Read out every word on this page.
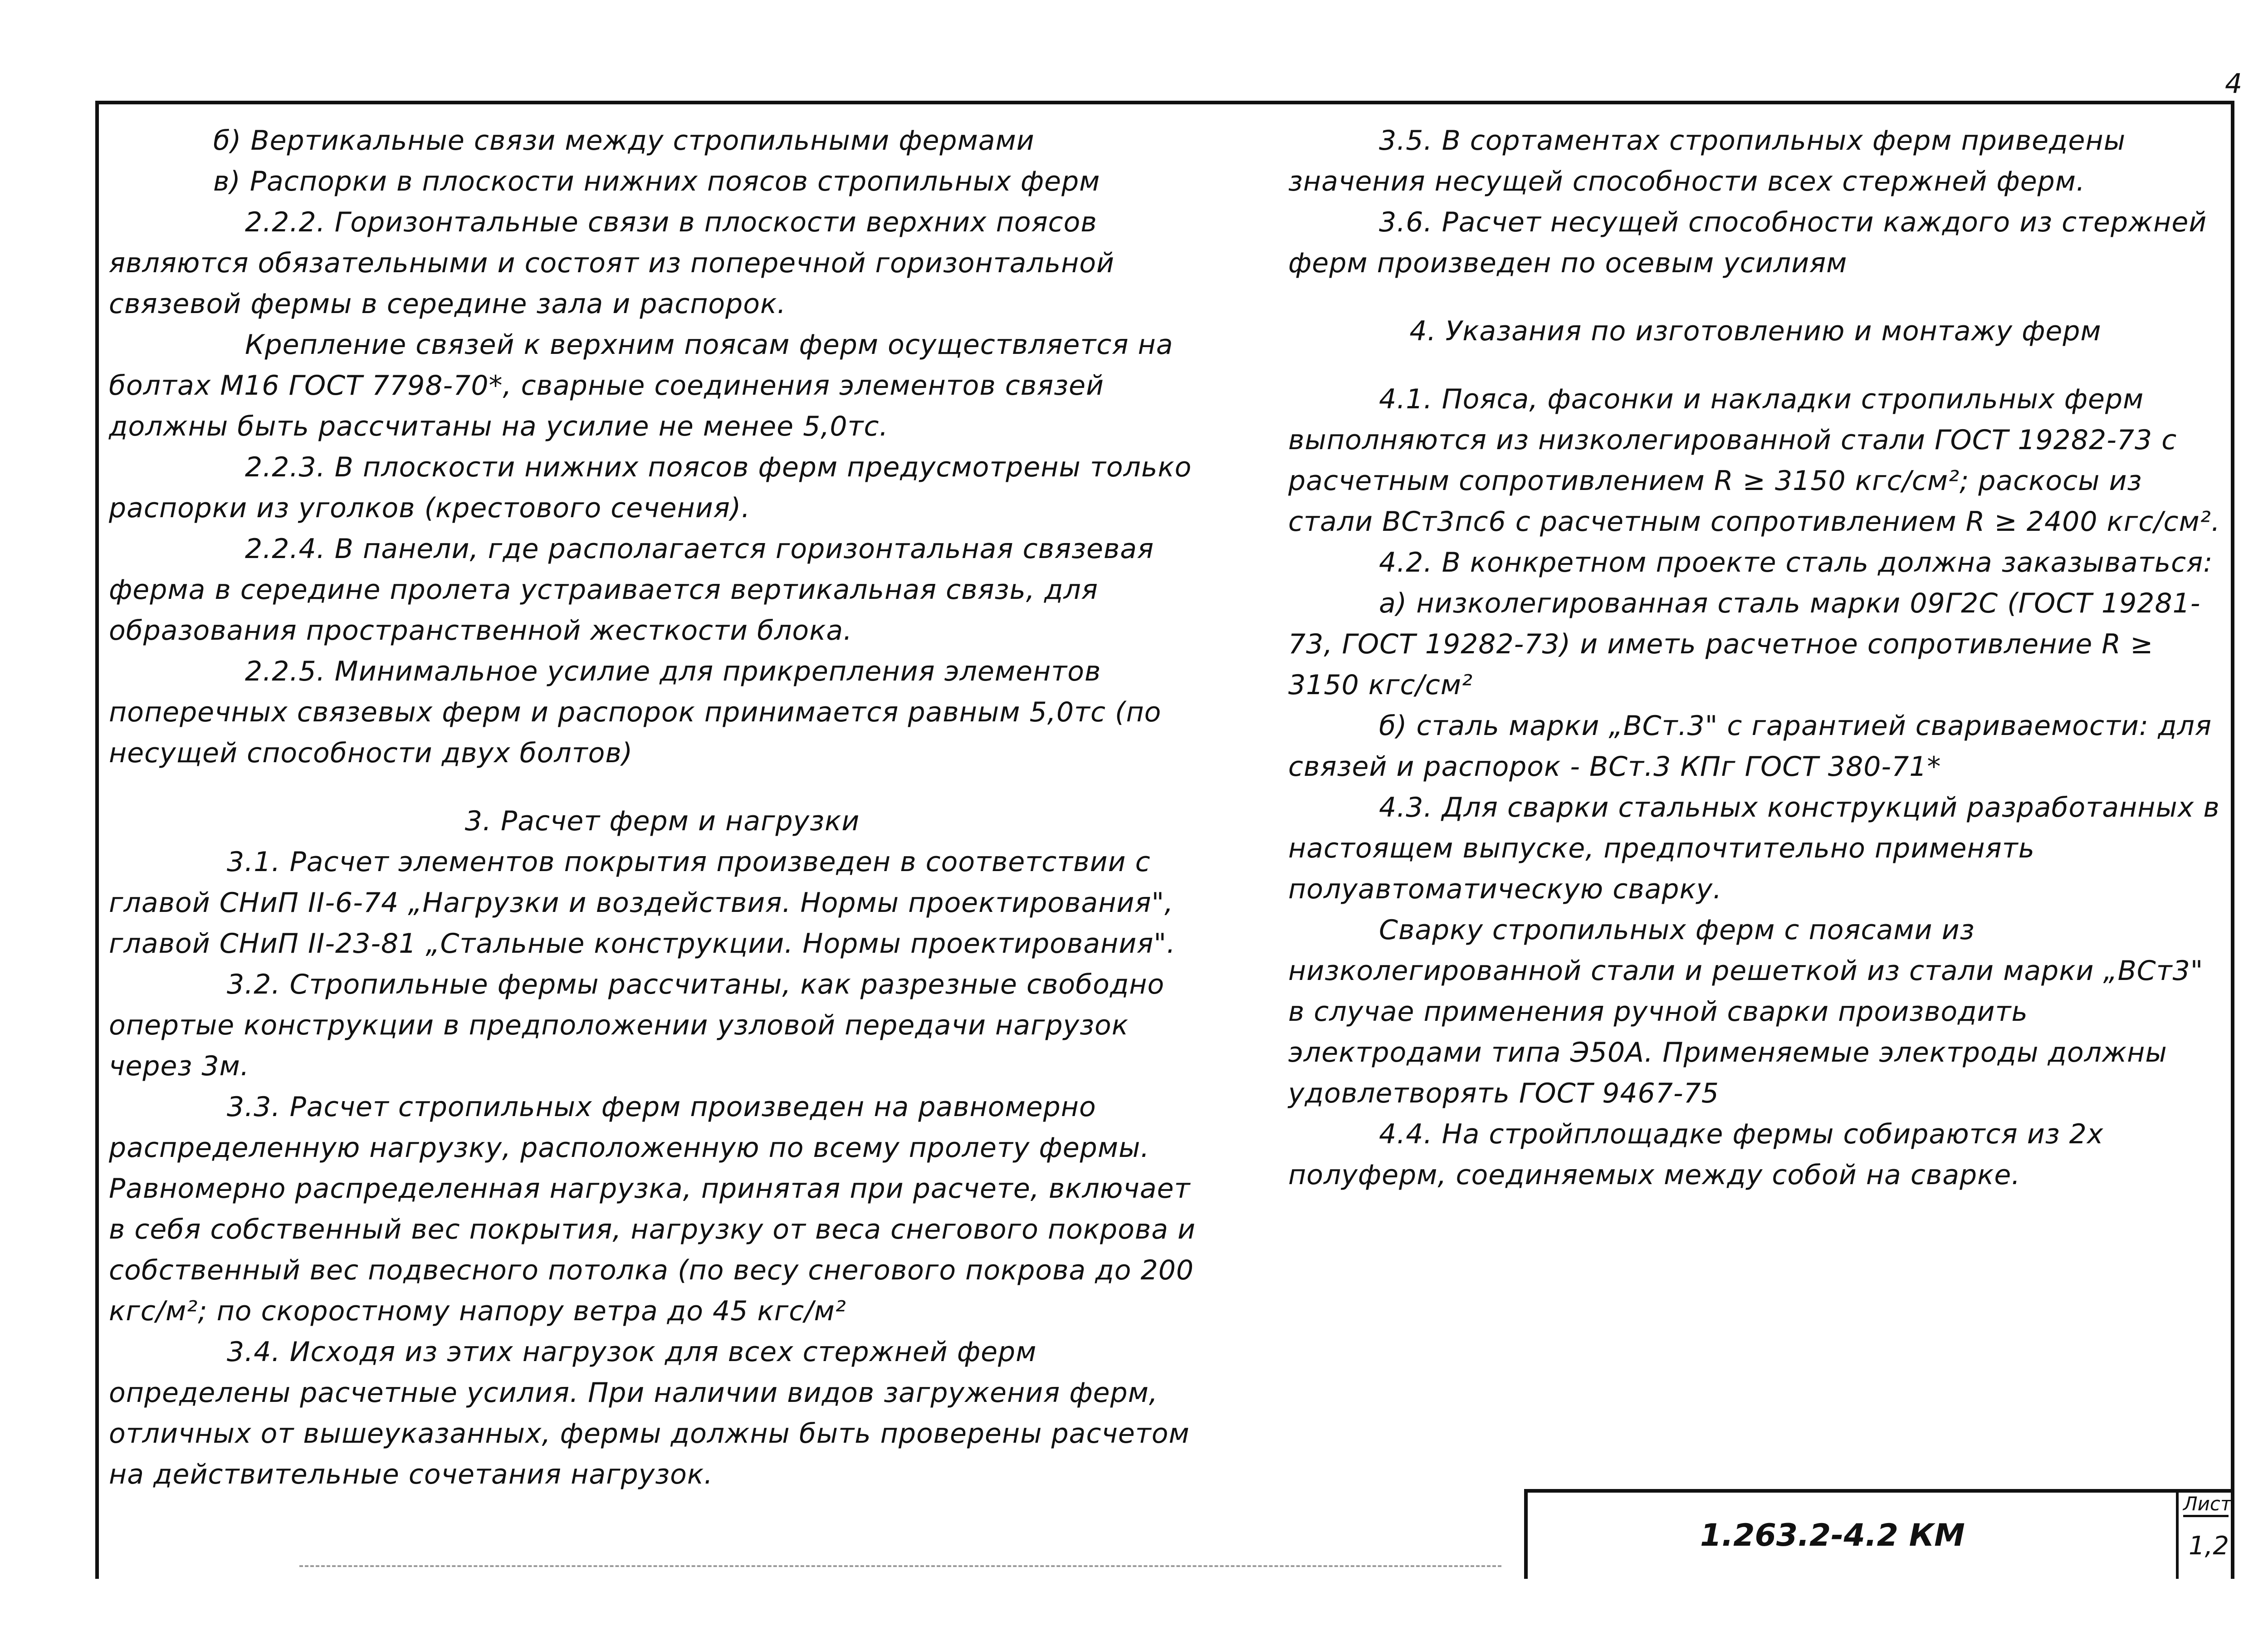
4

б) Вертикальные связи между стропильными фермами

в) Распорки в плоскости нижних поясов стропильных ферм

2.2.2. Горизонтальные связи в плоскости верхних поясов являются обязательными и состоят из поперечной горизонтальной связевой фермы в середине зала и распорок.

Крепление связей к верхним поясам ферм осуществляется на болтах М16 ГОСТ 7798-70*, сварные соединения элементов связей должны быть рассчитаны на усилие не менее 5,0тс.

2.2.3. В плоскости нижних поясов ферм предусмотрены только распорки из уголков (крестового сечения).

2.2.4. В панели, где располагается горизонтальная связевая ферма в середине пролета устраивается вертикальная связь, для образования пространственной жесткости блока.

2.2.5. Минимальное усилие для прикрепления элементов поперечных связевых ферм и распорок принимается равным 5,0тс (по несущей способности двух болтов)

3. Расчет ферм и нагрузки

3.1. Расчет элементов покрытия произведен в соответствии с главой СНиП II-6-74 „Нагрузки и воздействия. Нормы проектирования", главой СНиП II-23-81 „Стальные конструкции. Нормы проектирования".

3.2. Стропильные фермы рассчитаны, как разрезные свободно опертые конструкции в предположении узловой передачи нагрузок через 3м.

3.3. Расчет стропильных ферм произведен на равномерно распределенную нагрузку, расположенную по всему пролету фермы. Равномерно распределенная нагрузка, принятая при расчете, включает в себя собственный вес покрытия, нагрузку от веса снегового покрова и собственный вес подвесного потолка (по весу снегового покрова до 200 кгс/м²; по скоростному напору ветра до 45 кгс/м²

3.4. Исходя из этих нагрузок для всех стержней ферм определены расчетные усилия. При наличии видов загружения ферм, отличных от вышеуказанных, фермы должны быть проверены расчетом на действительные сочетания нагрузок.

3.5. В сортаментах стропильных ферм приведены значения несущей способности всех стержней ферм.

3.6. Расчет несущей способности каждого из стержней ферм произведен по осевым усилиям

4. Указания по изготовлению и монтажу ферм

4.1. Пояса, фасонки и накладки стропильных ферм выполняются из низколегированной стали ГОСТ 19282-73 с расчетным сопротивлением R ≥ 3150 кгс/см²; раскосы из стали ВСт3пс6 с расчетным сопротивлением R ≥ 2400 кгс/см².

4.2. В конкретном проекте сталь должна заказываться:

а) низколегированная сталь марки 09Г2С (ГОСТ 19281-73, ГОСТ 19282-73) и иметь расчетное сопротивление R ≥ 3150 кгс/см²

б) сталь марки „ВСт.3" с гарантией свариваемости: для связей и распорок - ВСт.3 КПг ГОСТ 380-71*

4.3. Для сварки стальных конструкций разработанных в настоящем выпуске, предпочтительно применять полуавтоматическую сварку.

Сварку стропильных ферм с поясами из низколегированной стали и решеткой из стали марки „ВСт3" в случае применения ручной сварки производить электродами типа Э50А. Применяемые электроды должны удовлетворять ГОСТ 9467-75

4.4. На стройплощадке фермы собираются из 2х полуферм, соединяемых между собой на сварке.

1.263.2-4.2 КМ
Лист
1,2
